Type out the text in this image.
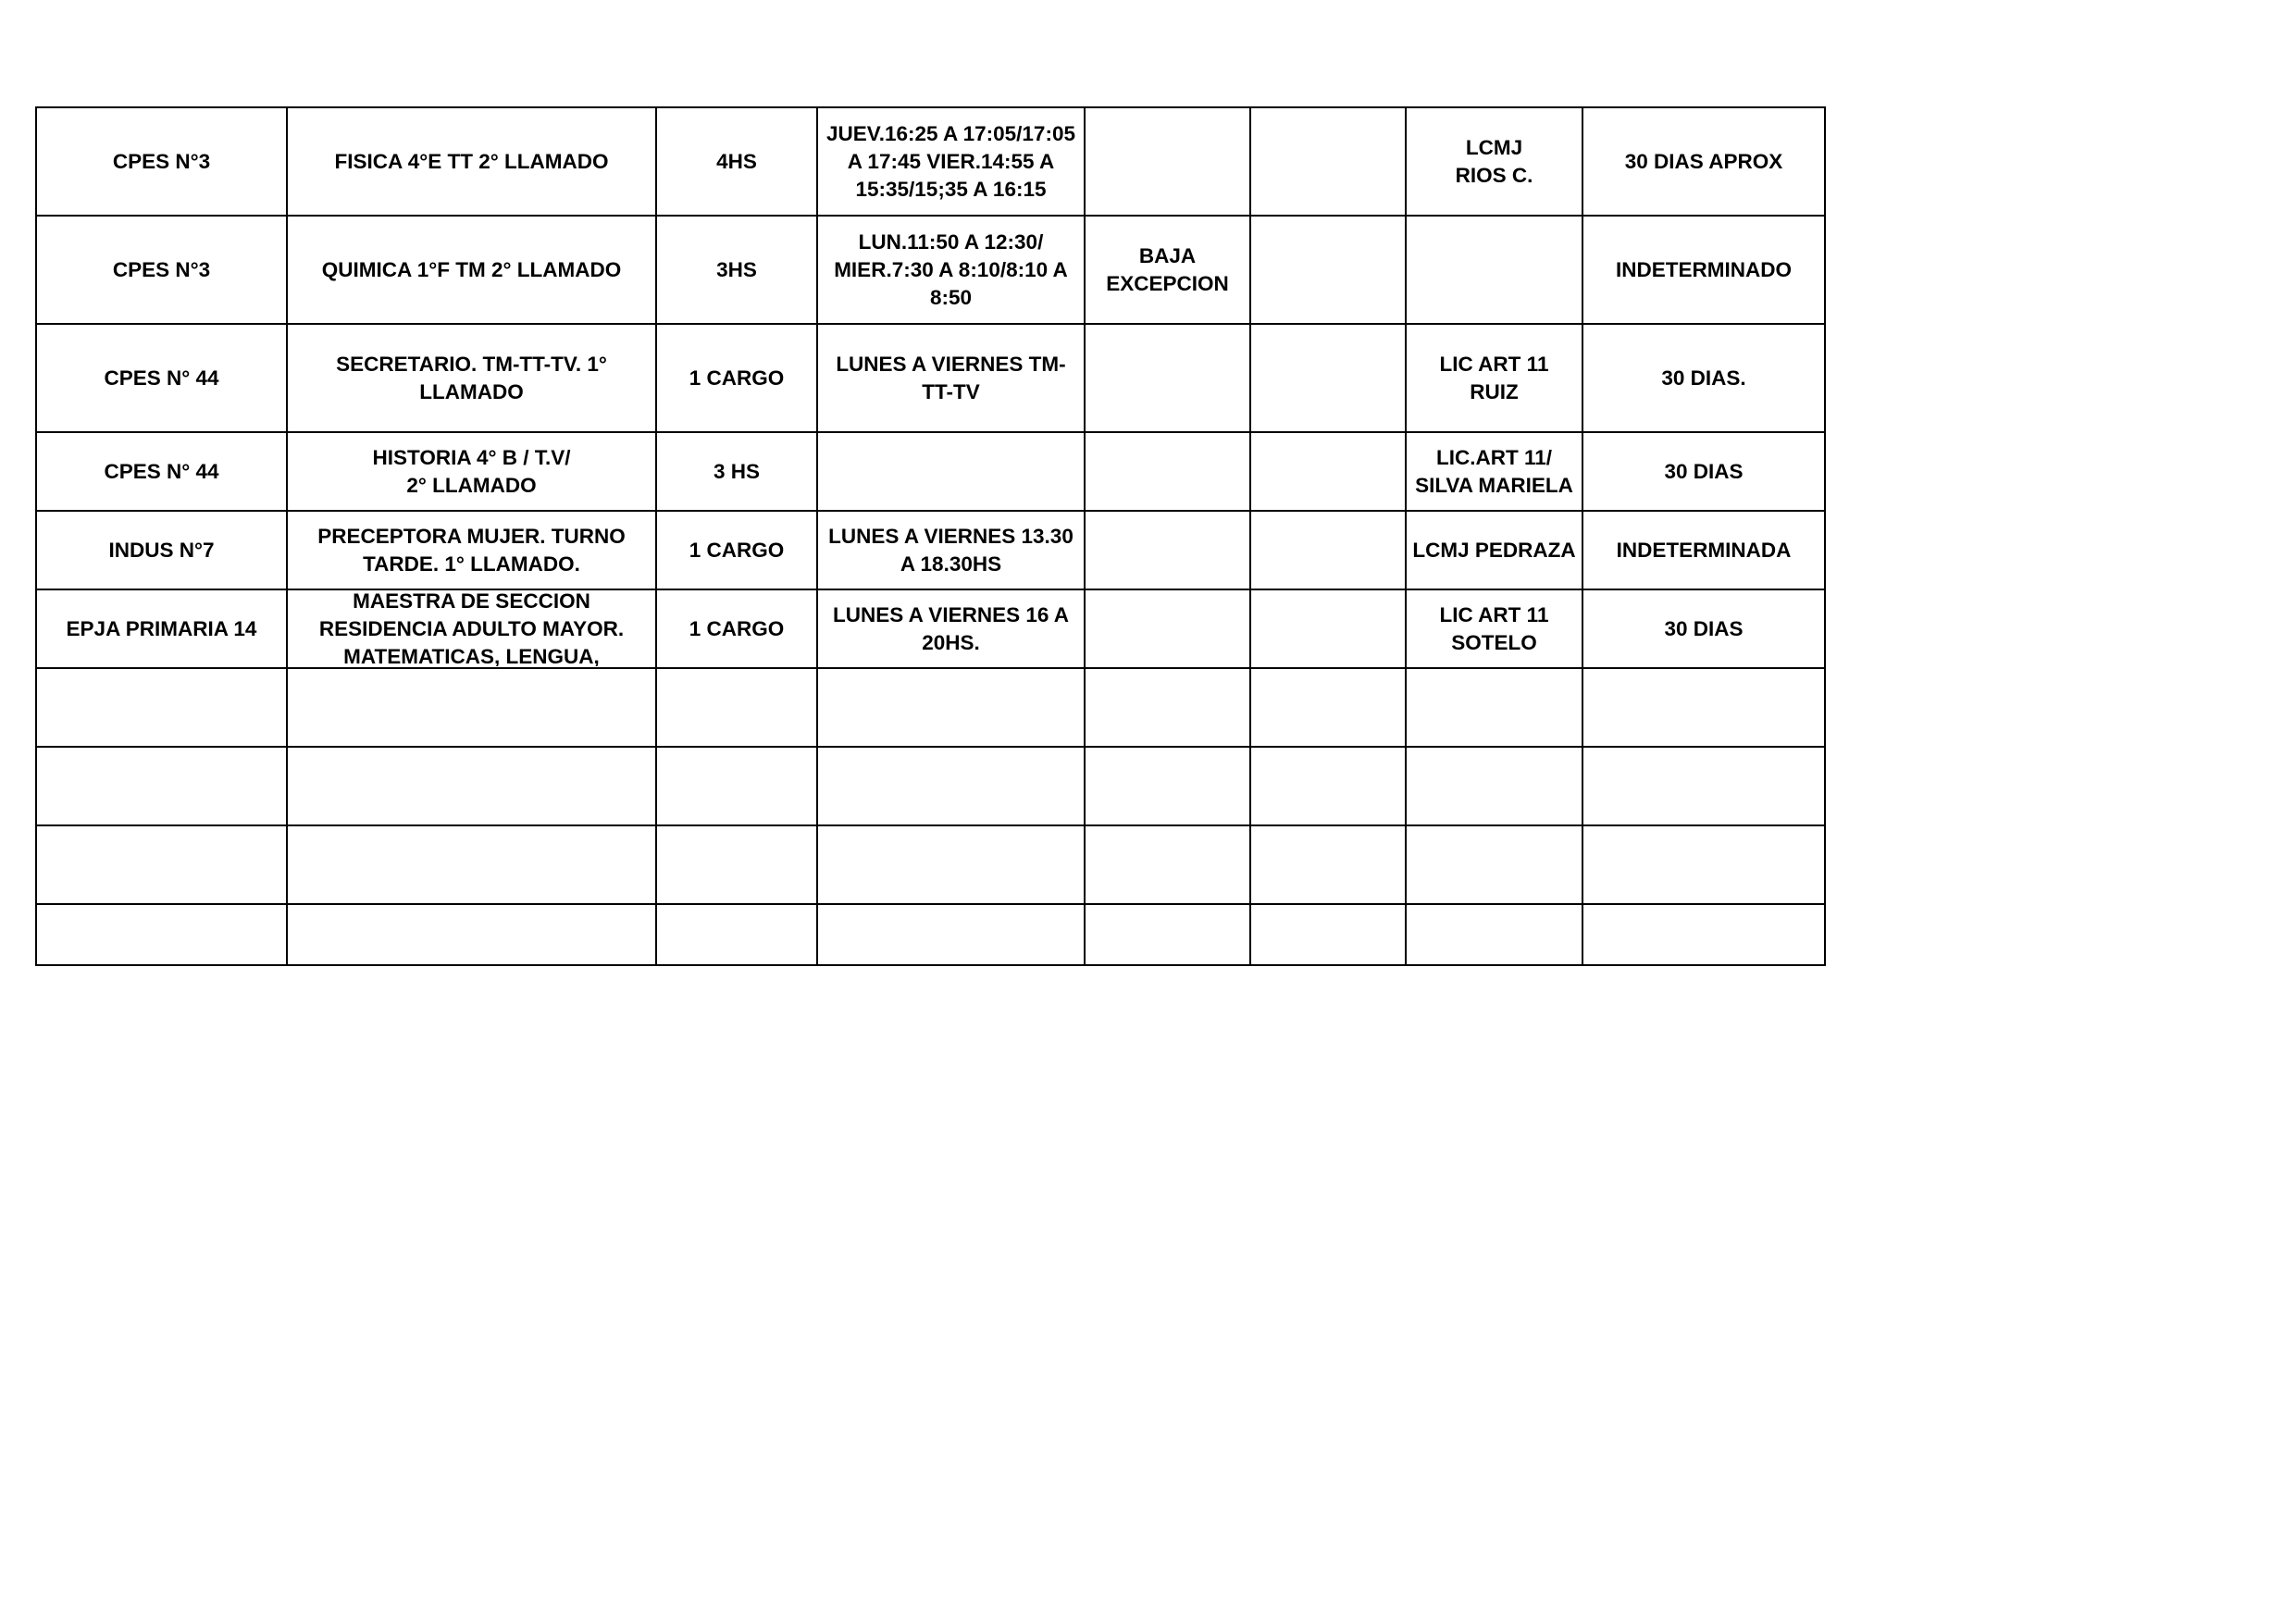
CPES N°3	FISICA 4°E TT 2° LLAMADO	4HS	JUEV.16:25 A 17:05/17:05
A 17:45 VIER.14:55 A
15:35/15;35 A 16:15			LCMJ
RIOS C.	30 DIAS APROX

CPES N°3	QUIMICA 1°F TM 2° LLAMADO	3HS	LUN.11:50 A 12:30/
MIER.7:30 A 8:10/8:10 A
8:50	BAJA
EXCEPCION			INDETERMINADO

CPES N° 44	SECRETARIO. TM-TT-TV. 1°
LLAMADO	1 CARGO	LUNES A VIERNES TM-
TT-TV			LIC ART 11
RUIZ	30 DIAS.

CPES N° 44	HISTORIA 4° B / T.V/
2° LLAMADO	3 HS				LIC.ART 11/
SILVA MARIELA	30 DIAS

INDUS N°7	PRECEPTORA MUJER. TURNO
TARDE. 1° LLAMADO.	1 CARGO	LUNES A VIERNES 13.30
A 18.30HS			LCMJ PEDRAZA	INDETERMINADA

EPJA PRIMARIA 14	MAESTRA DE SECCION
RESIDENCIA ADULTO MAYOR.
MATEMATICAS, LENGUA,	1 CARGO	LUNES A VIERNES 16 A
20HS.			LIC ART 11
SOTELO	30 DIAS
